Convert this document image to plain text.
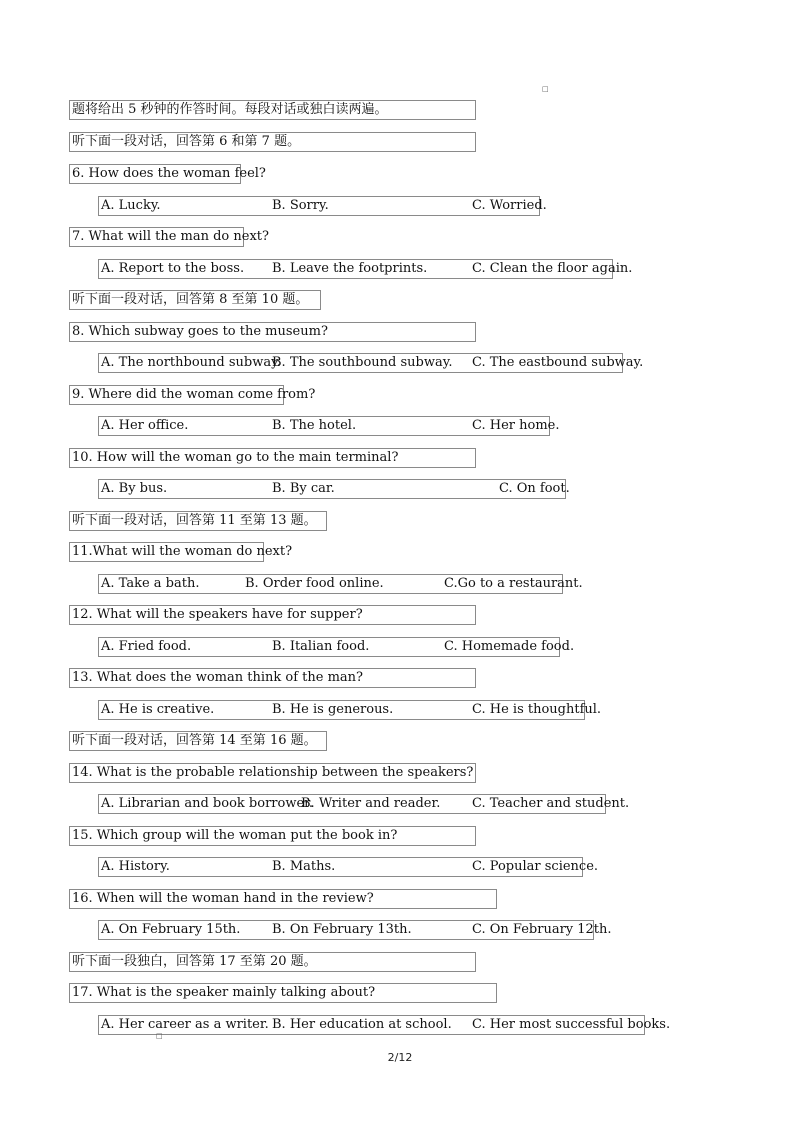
□
题将给出 5 秒钟的作答时间。每段对话或独白读两遍。
听下面一段对话，回答第 6 和第 7 题。
6. How does the woman feel?
A. Lucky.	B. Sorry.	C. Worried.
7. What will the man do next?
A. Report to the boss. B. Leave the footprints.	C. Clean the floor again.
听下面一段对话，回答第 8 至第 10 题。
8. Which subway goes to the museum?
A. The northbound subway.
B. The southbound subway. C. The eastbound subway.
9. Where did the woman come from?
A. Her office.	B. The hotel.	C. Her home.
10. How will the woman go to the main terminal?
A. By bus.	B. By car.	C. On foot.
听下面一段对话，回答第 11 至第 13 题。
11.What will the woman do next?
A. Take a bath.	B. Order food online.	C.Go to a restaurant.
12. What will the speakers have for supper?
A. Fried food.	B. Italian food.	C. Homemade food.
13. What does the woman think of the man?
A. He is creative.	B. He is generous.	C. He is thoughtful.
听下面一段对话，回答第 14 至第 16 题。
14. What is the probable relationship between the speakers?
A. Librarian and book borrower.
B. Writer and reader. C. Teacher and student.
15. Which group will the woman put the book in?
A. History.	B. Maths.	C. Popular science.
16. When will the woman hand in the review?
A. On February 15th. B. On February 13th.	C. On February 12th.
听下面一段独白，回答第 17 至第 20 题。
17. What is the speaker mainly talking about?
A. Her career as a writer. B. Her education at school. C. Her most successful books.
□
2/12
